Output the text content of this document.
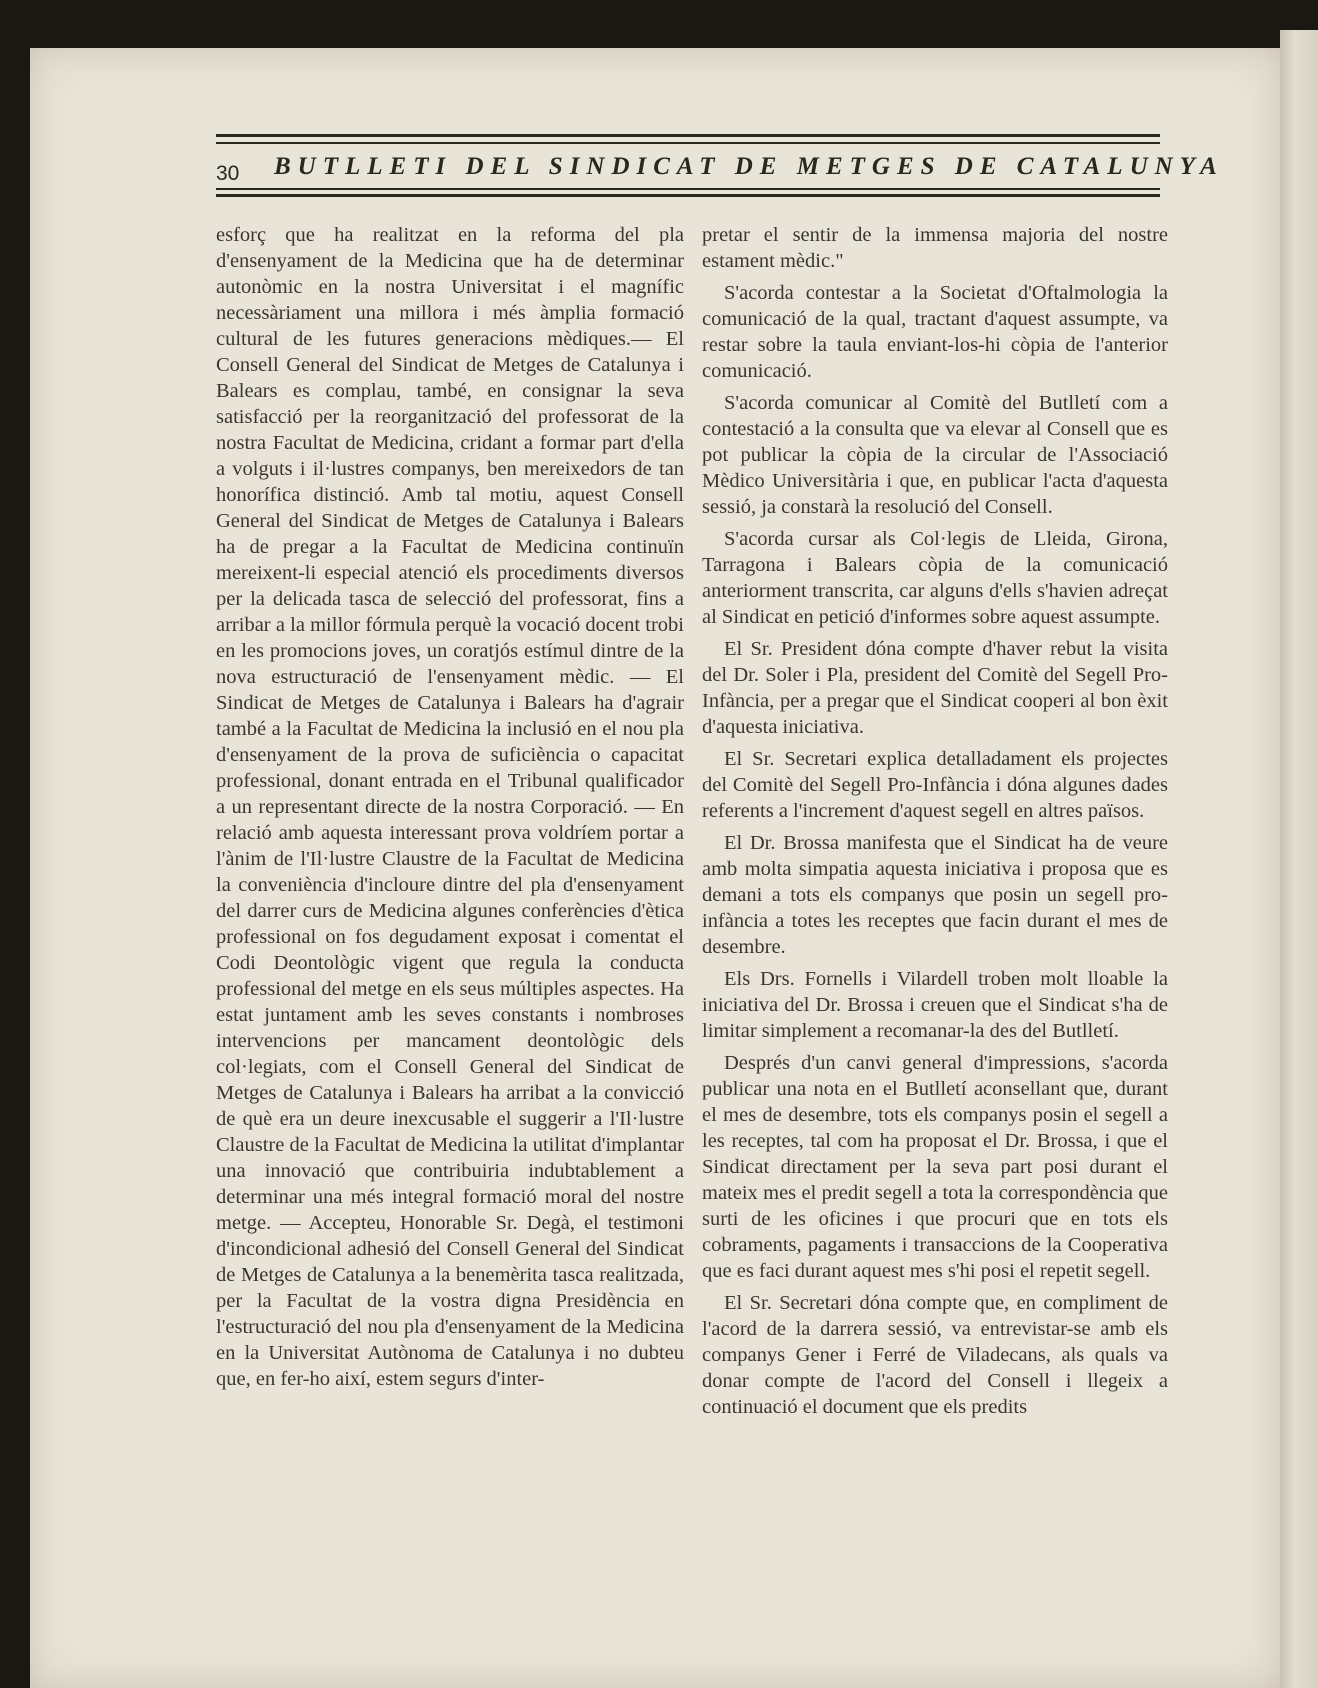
30 BUTLLETI DEL SINDICAT DE METGES DE CATALUNYA

esforç que ha realitzat en la reforma del pla d'ensenyament de la Medicina que ha de determinar autonòmic en la nostra Universitat i el magnífic necessàriament una millora i més àmplia formació cultural de les futures generacions mèdiques.— El Consell General del Sindicat de Metges de Catalunya i Balears es complau, també, en consignar la seva satisfacció per la reorganització del professorat de la nostra Facultat de Medicina, cridant a formar part d'ella a volguts i il·lustres companys, ben mereixedors de tan honorífica distinció. Amb tal motiu, aquest Consell General del Sindicat de Metges de Catalunya i Balears ha de pregar a la Facultat de Medicina continuïn mereixent-li especial atenció els procediments diversos per la delicada tasca de selecció del professorat, fins a arribar a la millor fórmula perquè la vocació docent trobi en les promocions joves, un coratjós estímul dintre de la nova estructuració de l'ensenyament mèdic. — El Sindicat de Metges de Catalunya i Balears ha d'agrair també a la Facultat de Medicina la inclusió en el nou pla d'ensenyament de la prova de suficiència o capacitat professional, donant entrada en el Tribunal qualificador a un representant directe de la nostra Corporació. — En relació amb aquesta interessant prova voldríem portar a l'ànim de l'Il·lustre Claustre de la Facultat de Medicina la conveniència d'incloure dintre del pla d'ensenyament del darrer curs de Medicina algunes conferències d'ètica professional on fos degudament exposat i comentat el Codi Deontològic vigent que regula la conducta professional del metge en els seus múltiples aspectes. Ha estat juntament amb les seves constants i nombroses intervencions per mancament deontològic dels col·legiats, com el Consell General del Sindicat de Metges de Catalunya i Balears ha arribat a la convicció de què era un deure inexcusable el suggerir a l'Il·lustre Claustre de la Facultat de Medicina la utilitat d'implantar una innovació que contribuiria indubtablement a determinar una més integral formació moral del nostre metge. — Accepteu, Honorable Sr. Degà, el testimoni d'incondicional adhesió del Consell General del Sindicat de Metges de Catalunya a la benemèrita tasca realitzada, per la Facultat de la vostra digna Presidència en l'estructuració del nou pla d'ensenyament de la Medicina en la Universitat Autònoma de Catalunya i no dubteu que, en fer-ho així, estem segurs d'inter-

pretar el sentir de la immensa majoria del nostre estament mèdic."

S'acorda contestar a la Societat d'Oftalmologia la comunicació de la qual, tractant d'aquest assumpte, va restar sobre la taula enviant-los-hi còpia de l'anterior comunicació.

S'acorda comunicar al Comitè del Butlletí com a contestació a la consulta que va elevar al Consell que es pot publicar la còpia de la circular de l'Associació Mèdico Universitària i que, en publicar l'acta d'aquesta sessió, ja constarà la resolució del Consell.

S'acorda cursar als Col·legis de Lleida, Girona, Tarragona i Balears còpia de la comunicació anteriorment transcrita, car alguns d'ells s'havien adreçat al Sindicat en petició d'informes sobre aquest assumpte.

El Sr. President dóna compte d'haver rebut la visita del Dr. Soler i Pla, president del Comitè del Segell Pro-Infància, per a pregar que el Sindicat cooperi al bon èxit d'aquesta iniciativa.

El Sr. Secretari explica detalladament els projectes del Comitè del Segell Pro-Infància i dóna algunes dades referents a l'increment d'aquest segell en altres països.

El Dr. Brossa manifesta que el Sindicat ha de veure amb molta simpatia aquesta iniciativa i proposa que es demani a tots els companys que posin un segell pro-infància a totes les receptes que facin durant el mes de desembre.

Els Drs. Fornells i Vilardell troben molt lloable la iniciativa del Dr. Brossa i creuen que el Sindicat s'ha de limitar simplement a recomanar-la des del Butlletí.

Després d'un canvi general d'impressions, s'acorda publicar una nota en el Butlletí aconsellant que, durant el mes de desembre, tots els companys posin el segell a les receptes, tal com ha proposat el Dr. Brossa, i que el Sindicat directament per la seva part posi durant el mateix mes el predit segell a tota la correspondència que surti de les oficines i que procuri que en tots els cobraments, pagaments i transaccions de la Cooperativa que es faci durant aquest mes s'hi posi el repetit segell.

El Sr. Secretari dóna compte que, en compliment de l'acord de la darrera sessió, va entrevistar-se amb els companys Gener i Ferré de Viladecans, als quals va donar compte de l'acord del Consell i llegeix a continuació el document que els predits
